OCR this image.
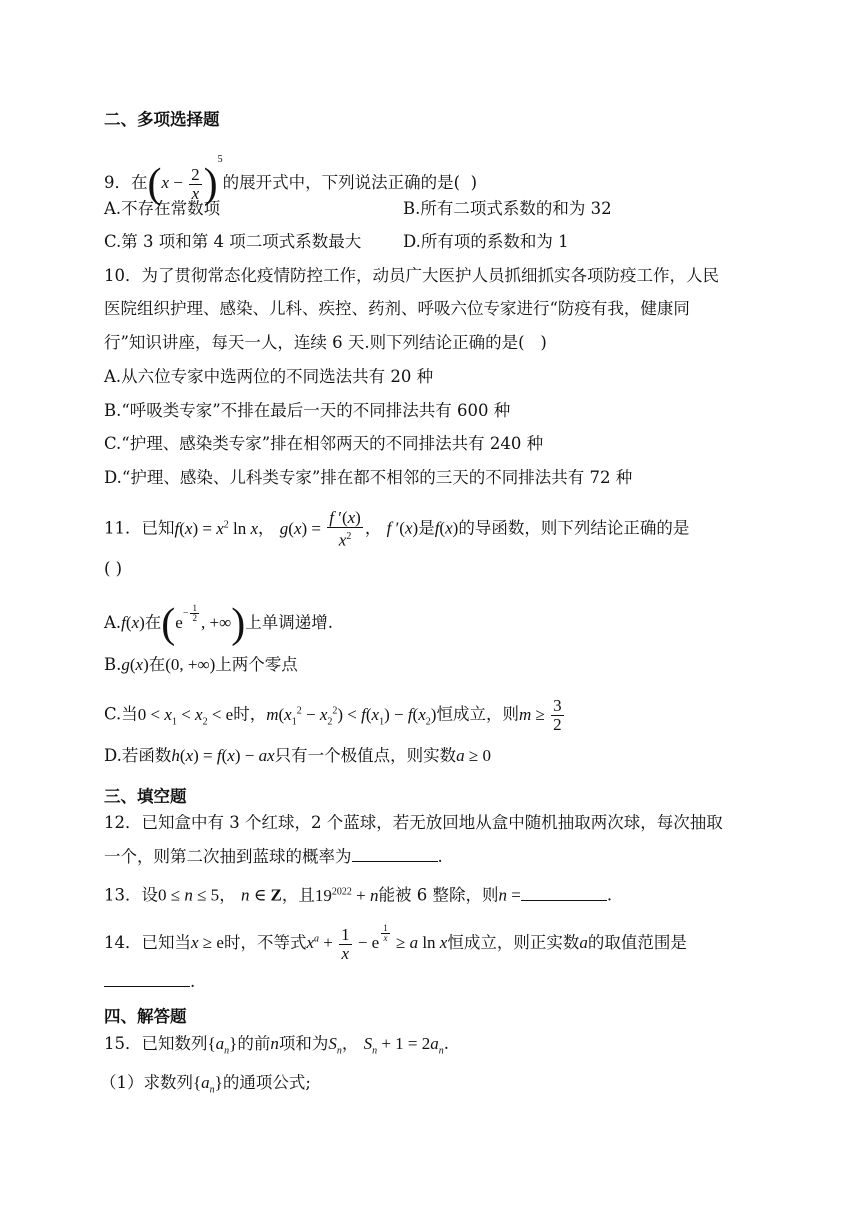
二、多项选择题
9．在$(x - \frac{2}{x} )^5$的展开式中，下列说法正确的是( )
A.不存在常数项	B.所有二项式系数的和为 32
C.第 3 项和第 4 项二项式系数最大	D.所有项的系数和为 1
10．为了贯彻常态化疫情防控工作，动员广大医护人员抓细抓实各项防疫工作，人民
医院组织护理、感染、儿科、疾控、药剂、呼吸六位专家进行“防疫有我，健康同
行”知识讲座，每天一人，连续 6 天.则下列结论正确的是( )
A.从六位专家中选两位的不同选法共有 20 种
B.“呼吸类专家”不排在最后一天的不同排法共有 600 种
C.“护理、感染类专家”排在相邻两天的不同排法共有 240 种
D.“护理、感染、儿科类专家”排在都不相邻的三天的不同排法共有 72 种
11．已知$f(x) = x^2$ ln x， $g(x) = \frac{f '(x)}{x^2}$ ， f ′(x)是f(x)的导函数，则下列结论正确的是
( )
A.f(x)在($e^{- \frac{1}{2}}$ , +∞)上单调递增.
B.g(x)在(0, +∞)上两个零点
C.当$0 < x_1 < x_2 < e$时，$m(x_1^2 - x_2^2) < f(x_1) - f(x_2)$恒成立，则$m \ge \frac{3}{2}$
D.若函数h(x) = f(x) − ax只有一个极值点，则实数a ≥ 0
三、填空题
12．已知盒中有 3 个红球，2 个蓝球，若无放回地从盒中随机抽取两次球，每次抽取
一个，则第二次抽到蓝球的概率为	.
13．设0 ≤ n ≤ 5， n ∈ Z，且$19^{2022} + n$能被 6 整除，则n =	.
14．已知当x ≥ e时，不等式$x^a + \frac{1}{x} - e$ $^{\frac{1}{x}}$ ≥ a ln x恒成立，则正实数a的取值范围是
.
四、解答题
15．已知数列$\{a_n\}$的前n项和为$S_n$， $S_n + 1 = 2a_n$.
（1）求数列$\{a_n\}$的通项公式;
